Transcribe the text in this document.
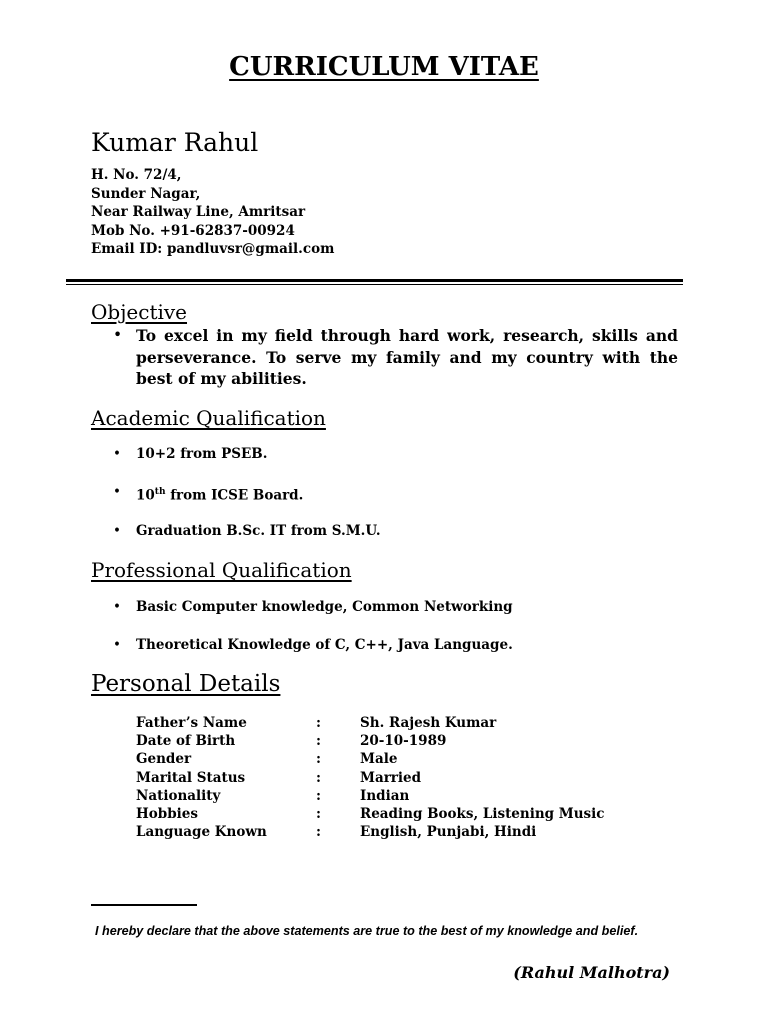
CURRICULUM VITAE
Kumar Rahul
H. No. 72/4,
Sunder Nagar,
Near Railway Line, Amritsar
Mob No. +91-62837-00924
Email ID: pandluvsr@gmail.com
Objective
• To excel in my field through hard work, research, skills and perseverance. To serve my family and my country with the best of my abilities.
Academic Qualification
• 10+2 from PSEB.
• 10th from ICSE Board.
• Graduation B.Sc. IT from S.M.U.
Professional Qualification
• Basic Computer knowledge, Common Networking
• Theoretical Knowledge of C, C++, Java Language.
Personal Details
Father’s Name	:	Sh. Rajesh Kumar
Date of Birth	:	20-10-1989
Gender	:	Male
Marital Status	:	Married
Nationality	:	Indian
Hobbies	:	Reading Books, Listening Music
Language Known	:	English, Punjabi, Hindi
I hereby declare that the above statements are true to the best of my knowledge and belief.
(Rahul Malhotra)
